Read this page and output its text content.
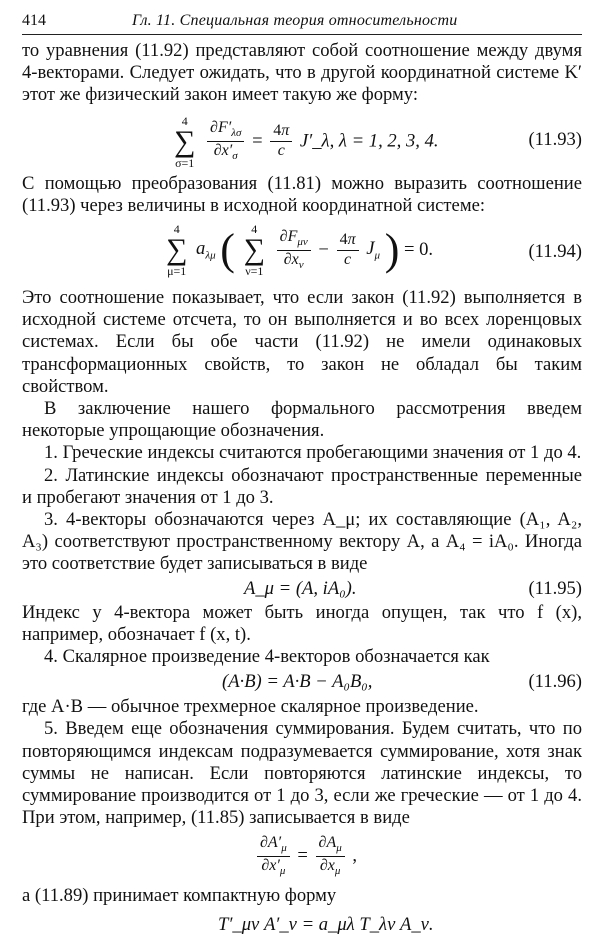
414	Гл. 11. Специальная теория относительности

то уравнения (11.92) представляют собой соотношение между двумя 4-векторами. Следует ожидать, что в другой координатной системе K′ этот же физический закон имеет такую же форму:

4
∑
σ=1
$\frac{\partial F'_{\lambda\sigma}}{\partial x'_\sigma} = \frac{4\pi}{c}$ J′_λ, λ = 1, 2, 3, 4.	(11.93)

С помощью преобразования (11.81) можно выразить соотношение (11.93) через величины в исходной координатной системе:

4
∑
μ=1
$a_{\lambda\mu}$ ( 4
∑
ν=1
$\frac{\partial F_{\mu\nu}}{\partial x_\nu} - \frac{4\pi}{c} J_\mu$ ) = 0.	(11.94)

Это соотношение показывает, что если закон (11.92) выполняется в исходной системе отсчета, то он выполняется и во всех лоренцовых системах. Если бы обе части (11.92) не имели одинаковых трансформационных свойств, то закон не обладал бы таким свойством.

В заключение нашего формального рассмотрения введем некоторые упрощающие обозначения.

1. Греческие индексы считаются пробегающими значения от 1 до 4.

2. Латинские индексы обозначают пространственные переменные и пробегают значения от 1 до 3.

3. 4-векторы обозначаются через A_μ; их составляющие (A₁, A₂, A₃) соответствуют пространственному вектору A, а A₄ = iA₀. Иногда это соответствие будет записываться в виде

A_μ = (A, iA₀).	(11.95)

Индекс у 4-вектора может быть иногда опущен, так что f (x), например, обозначает f (x, t).

4. Скалярное произведение 4-векторов обозначается как

(A·B) = A·B − A₀B₀,	(11.96)

где A·B — обычное трехмерное скалярное произведение.

5. Введем еще обозначения суммирования. Будем считать, что по повторяющимся индексам подразумевается суммирование, хотя знак суммы не написан. Если повторяются латинские индексы, то суммирование производится от 1 до 3, если же греческие — от 1 до 4. При этом, например, (11.85) записывается в виде

$\frac{\partial A'_\mu}{\partial x'_\mu} = \frac{\partial A_\mu}{\partial x_\mu}$ ,

а (11.89) принимает компактную форму

T′_μν A′_ν = a_μλ T_λν A_ν.
